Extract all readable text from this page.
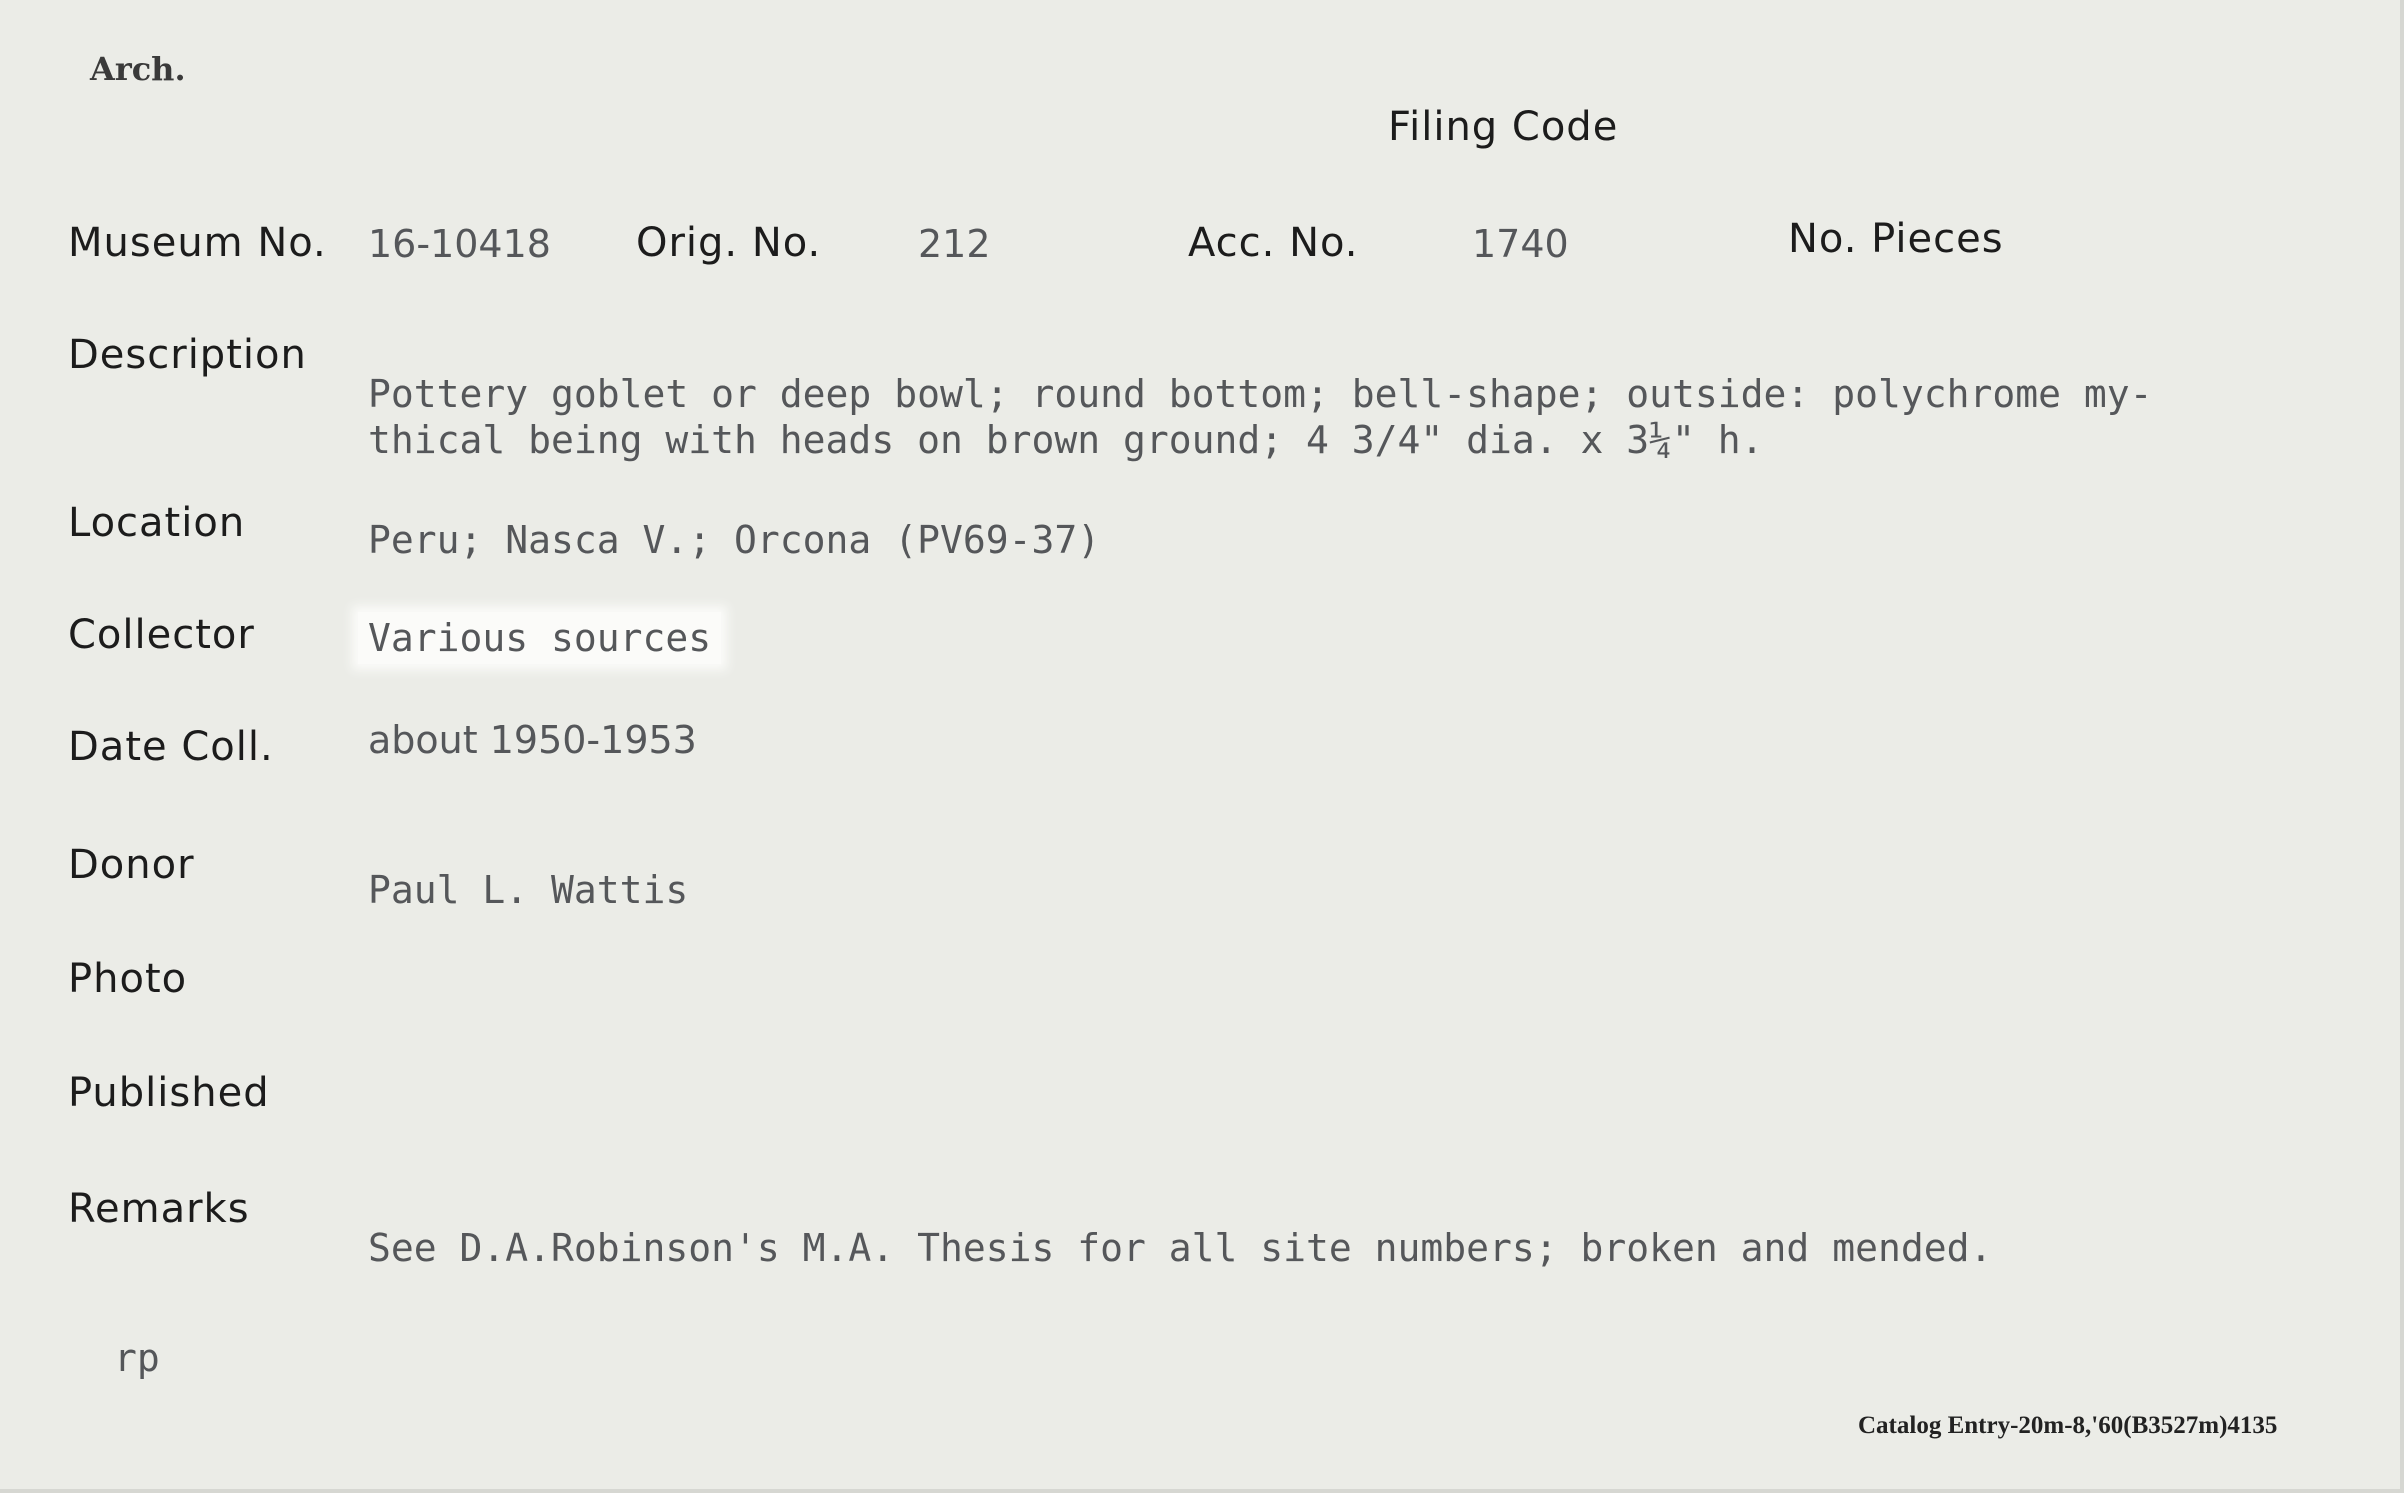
Arch.
Filing Code
Museum No. 16-10418 Orig. No.	212	Acc. No.	1740	No. Pieces
Description
Pottery goblet or deep bowl; round bottom; bell-shape; outside: polychrome my-
thical being with heads on brown ground; 4 3/4" dia. x 3¼" h.
Location	Peru; Nasca V.; Orcona (PV69-37)
Collector	Various sources
Date Coll. about 1950-1953
Donor
Paul L. Wattis
Photo
Published
Remarks
See D.A.Robinson's M.A. Thesis for all site numbers; broken and mended.
rp
Catalog Entry-20m-8,'60(B3527m)4135
